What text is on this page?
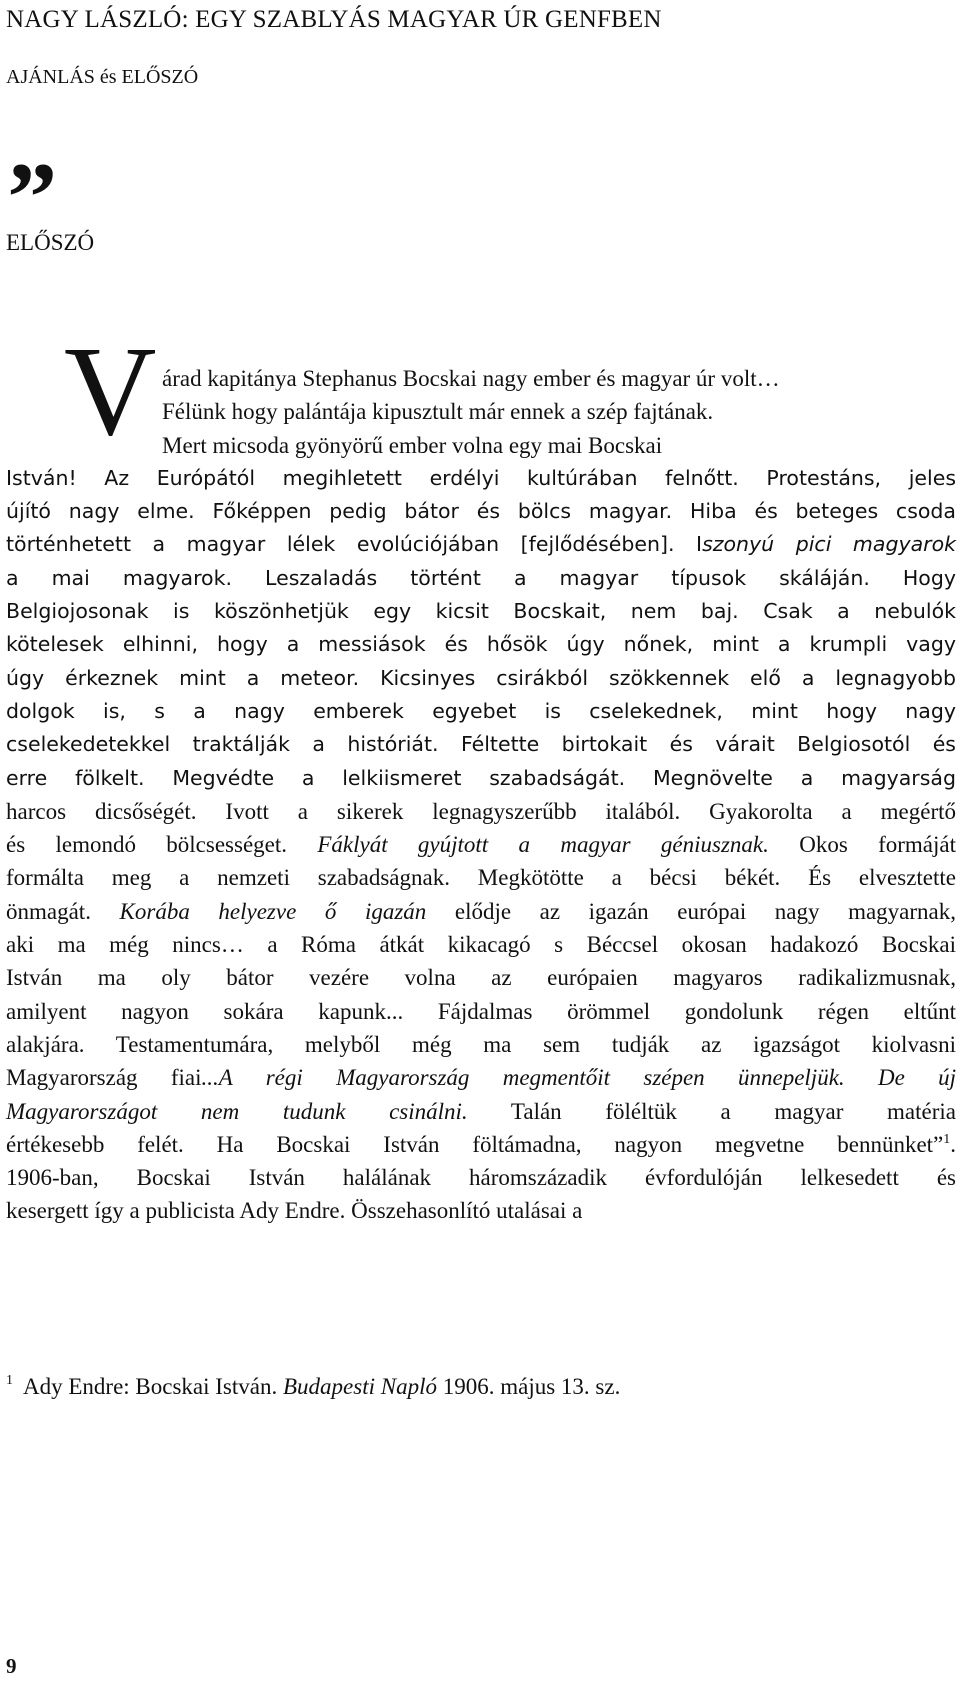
NAGY LÁSZLÓ: EGY SZABLYÁS MAGYAR ÚR GENFBEN
AJÁNLÁS és ELŐSZÓ
ELŐSZÓ
„
V árad kapitánya Stephanus Bocskai nagy ember és magyar úr volt…
Félünk hogy palántája kipusztult már ennek a szép fajtának.
Mert micsoda gyönyörű ember volna egy mai Bocskai
István! Az Európától megihletett erdélyi kultúrában felnőtt. Protestáns, jeles
újító nagy elme. Főképpen pedig bátor és bölcs magyar. Hiba és beteges csoda
történhetett a magyar lélek evolúciójában [fejlődésében]. Iszonyú pici magyarok
a mai magyarok. Leszaladás történt a magyar típusok skáláján. Hogy
Belgiojosonak is köszönhetjük egy kicsit Bocskait, nem baj. Csak a nebulók
kötelesek elhinni, hogy a messiások és hősök úgy nőnek, mint a krumpli vagy
úgy érkeznek mint a meteor. Kicsinyes csirákból szökkennek elő a legnagyobb
dolgok is, s a nagy emberek egyebet is cselekednek, mint hogy nagy
cselekedetekkel traktálják a históriát. Féltette birtokait és várait Belgiosotól és
erre fölkelt. Megvédte a lelkiismeret szabadságát. Megnövelte a magyarság
harcos dicsőségét. Ivott a sikerek legnagyszerűbb italából. Gyakorolta a megértő
és lemondó bölcsességet. Fáklyát gyújtott a magyar géniusznak. Okos formáját
formálta meg a nemzeti szabadságnak. Megkötötte a bécsi békét. És elvesztette
önmagát. Korába helyezve ő igazán elődje az igazán európai nagy magyarnak,
aki ma még nincs… a Róma átkát kikacagó s Béccsel okosan hadakozó Bocskai
István ma oly bátor vezére volna az európaien magyaros radikalizmusnak,
amilyent nagyon sokára kapunk... Fájdalmas örömmel gondolunk régen eltűnt
alakjára. Testamentumára, melyből még ma sem tudják az igazságot kiolvasni
Magyarország fiai...A régi Magyarország megmentőit szépen ünnepeljük. De új
Magyarországot nem tudunk csinálni. Talán föléltük a magyar matéria
értékesebb felét. Ha Bocskai István föltámadna, nagyon megvetne bennünket”$^1$.
1906-ban, Bocskai István halálának háromszázadik évfordulóján lelkesedett és
kesergett így a publicista Ady Endre. Összehasonlító utalásai a
$^1$ Ady Endre: Bocskai István. Budapesti Napló 1906. május 13. sz.
9
